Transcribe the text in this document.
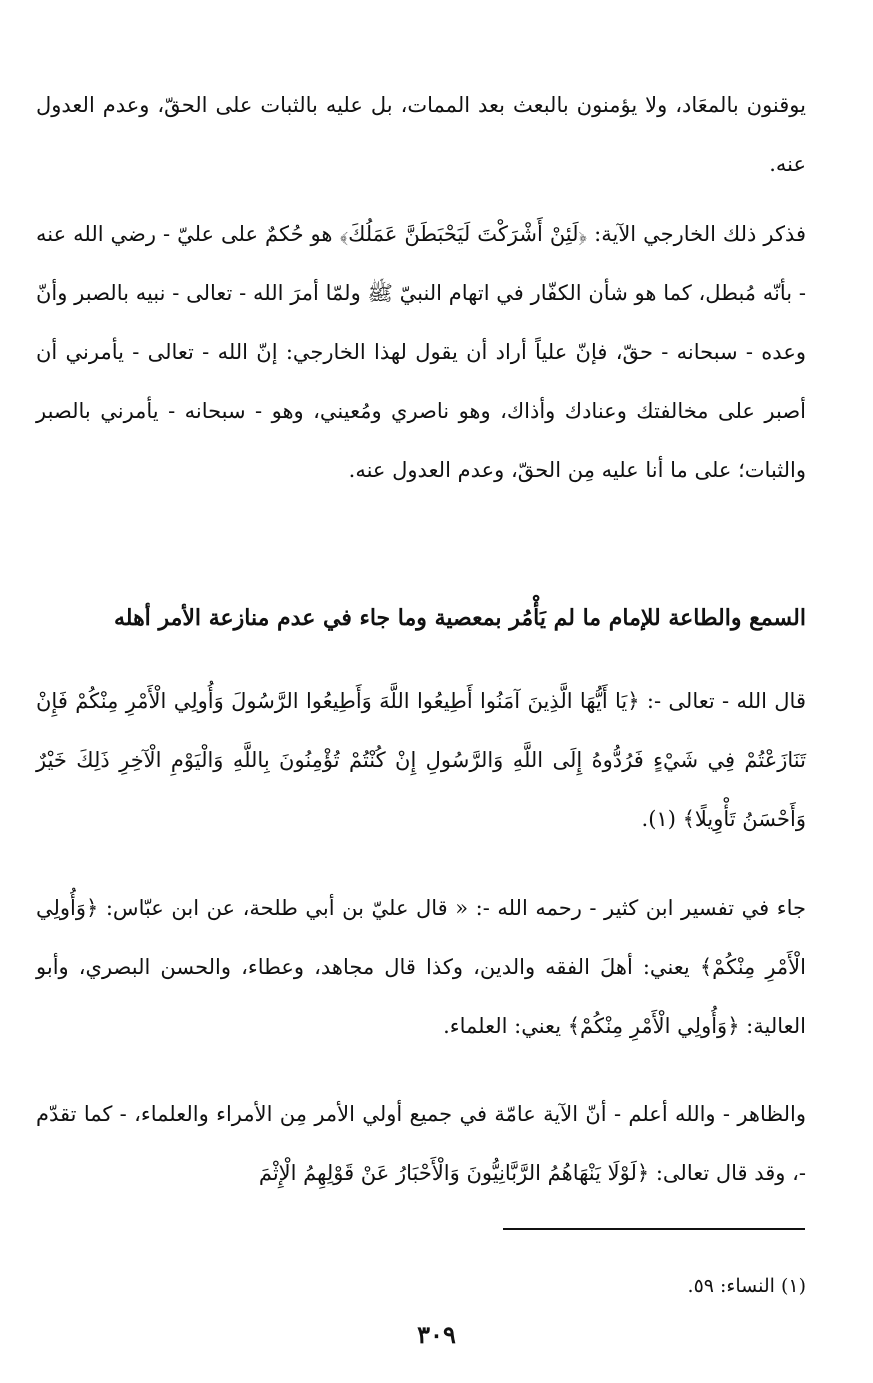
يوقنون بالمعَاد، ولا يؤمنون بالبعث بعد الممات، بل عليه بالثبات على الحقّ، وعدم العدول عنه.

فذكر ذلك الخارجي الآية: ﴿لَئِنْ أَشْرَكْتَ لَيَحْبَطَنَّ عَمَلُكَ﴾ هو حُكمٌ على عليّ - رضي الله عنه - بأنّه مُبطل، كما هو شأن الكفّار في اتهام النبيّ ﷺ ولمّا أمرَ الله - تعالى - نبيه بالصبر وأنّ وعده - سبحانه - حقّ، فإنّ علياً أراد أن يقول لهذا الخارجي: إنّ الله - تعالى - يأمرني أن أصبر على مخالفتك وعنادك وأذاك، وهو ناصري ومُعيني، وهو - سبحانه - يأمرني بالصبر والثبات؛ على ما أنا عليه مِن الحقّ، وعدم العدول عنه.

السمع والطاعة للإمام ما لم يَأْمُر بمعصية وما جاء في عدم منازعة الأمر أهله

قال الله - تعالى -: ﴿يَا أَيُّهَا الَّذِينَ آمَنُوا أَطِيعُوا اللَّهَ وَأَطِيعُوا الرَّسُولَ وَأُولِي الْأَمْرِ مِنْكُمْ فَإِنْ تَنَازَعْتُمْ فِي شَيْءٍ فَرُدُّوهُ إِلَى اللَّهِ وَالرَّسُولِ إِنْ كُنْتُمْ تُؤْمِنُونَ بِاللَّهِ وَالْيَوْمِ الْآخِرِ ذَلِكَ خَيْرٌ وَأَحْسَنُ تَأْوِيلًا﴾ (١).

جاء في تفسير ابن كثير - رحمه الله -: « قال عليّ بن أبي طلحة، عن ابن عبّاس: ﴿وَأُولِي الْأَمْرِ مِنْكُمْ﴾ يعني: أهلَ الفقه والدين، وكذا قال مجاهد، وعطاء، والحسن البصري، وأبو العالية: ﴿وَأُولِي الْأَمْرِ مِنْكُمْ﴾ يعني: العلماء.

والظاهر - والله أعلم - أنّ الآية عامّة في جميع أولي الأمر مِن الأمراء والعلماء، - كما تقدّم -، وقد قال تعالى: ﴿لَوْلَا يَنْهَاهُمُ الرَّبَّانِيُّونَ وَالْأَحْبَارُ عَنْ قَوْلِهِمُ الْإِثْمَ

(١) النساء: ٥٩.

٣٠٩
